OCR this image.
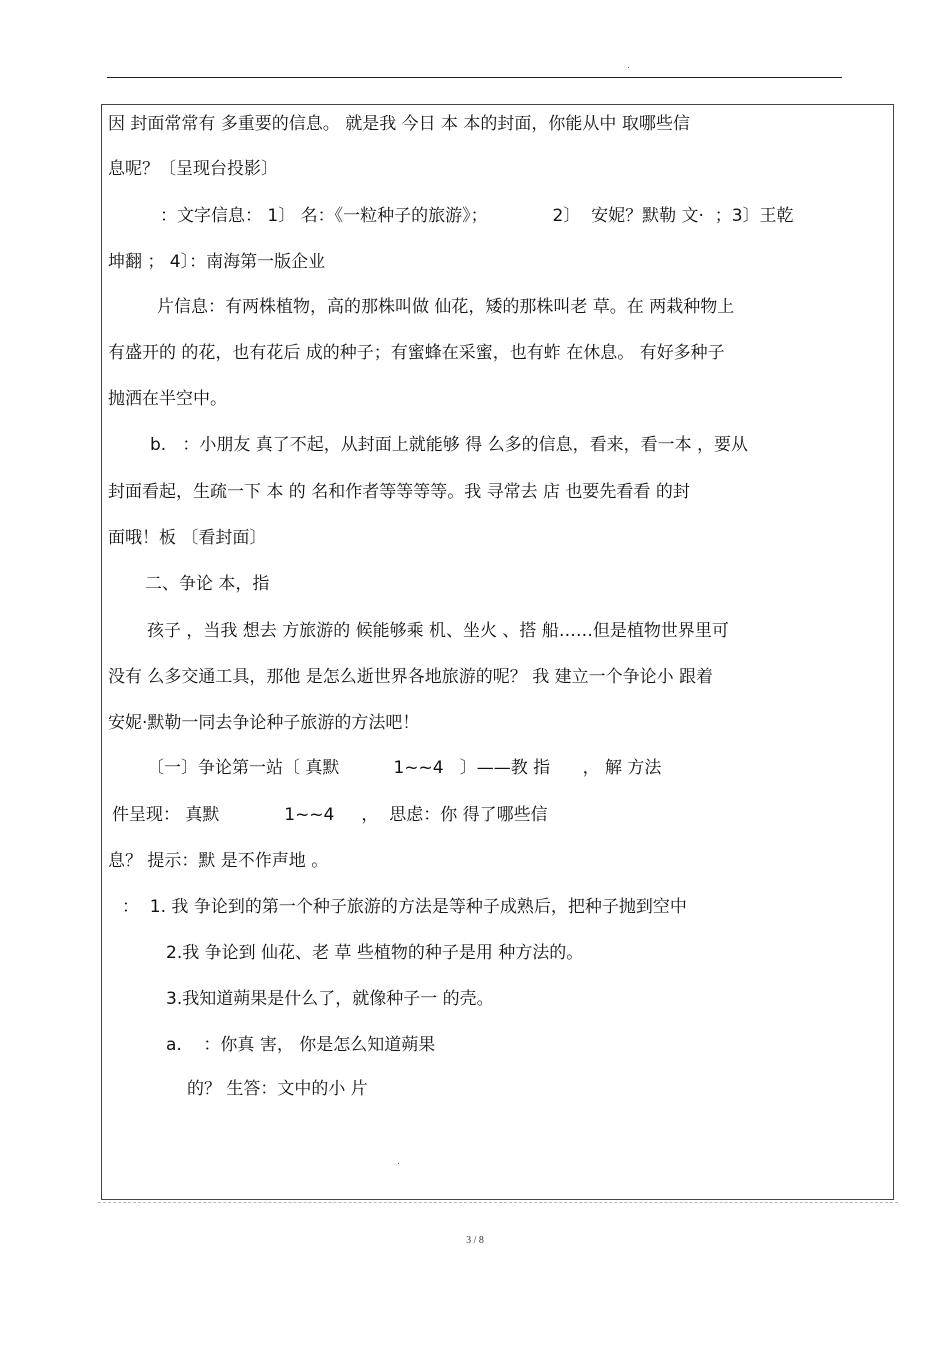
.
因 封面常常有 多重要的信息。 就是我 今日 本 本的封面，你能从中 取哪些信
息呢？〔呈现台投影〕
：文字信息： 1〕 名：《一粒种子的旅游》；            2〕  安妮？默勒 文·  ；3〕王乾
坤翻 ； 4〕：南海第一版企业
片信息：有两株植物，高的那株叫做 仙花，矮的那株叫老 草。在 两栽种物上
有盛开的 的花，也有花后 成的种子；有蜜蜂在采蜜，也有蚱 在休息。 有好多种子
抛洒在半空中。
b.   ：小朋友 真了不起，从封面上就能够 得 么多的信息，看来，看一本 ，要从
封面看起，生疏一下 本 的 名和作者等等等等。我 寻常去 店 也要先看看 的封
面哦！板 〔看封面〕
二、争论 本，指
孩子 ，当我 想去 方旅游的 候能够乘 机、坐火 、搭 船……但是植物世界里可
没有 么多交通工具，那他 是怎么逝世界各地旅游的呢？ 我 建立一个争论小 跟着
安妮·默勒一同去争论种子旅游的方法吧！
〔一〕争论第一站〔 真默          1~~4   〕——教 指      ， 解 方法
件呈现： 真默            1~~4     ，  思虑：你 得了哪些信
息？ 提示：默 是不作声地 。
：  1. 我 争论到的第一个种子旅游的方法是等种子成熟后，把种子抛到空中
2.我 争论到 仙花、老 草 些植物的种子是用 种方法的。
3.我知道蒴果是什么了，就像种子一 的壳。
a.    ：你真 害， 你是怎么知道蒴果
的？ 生答：文中的小 片
.
3 / 8
